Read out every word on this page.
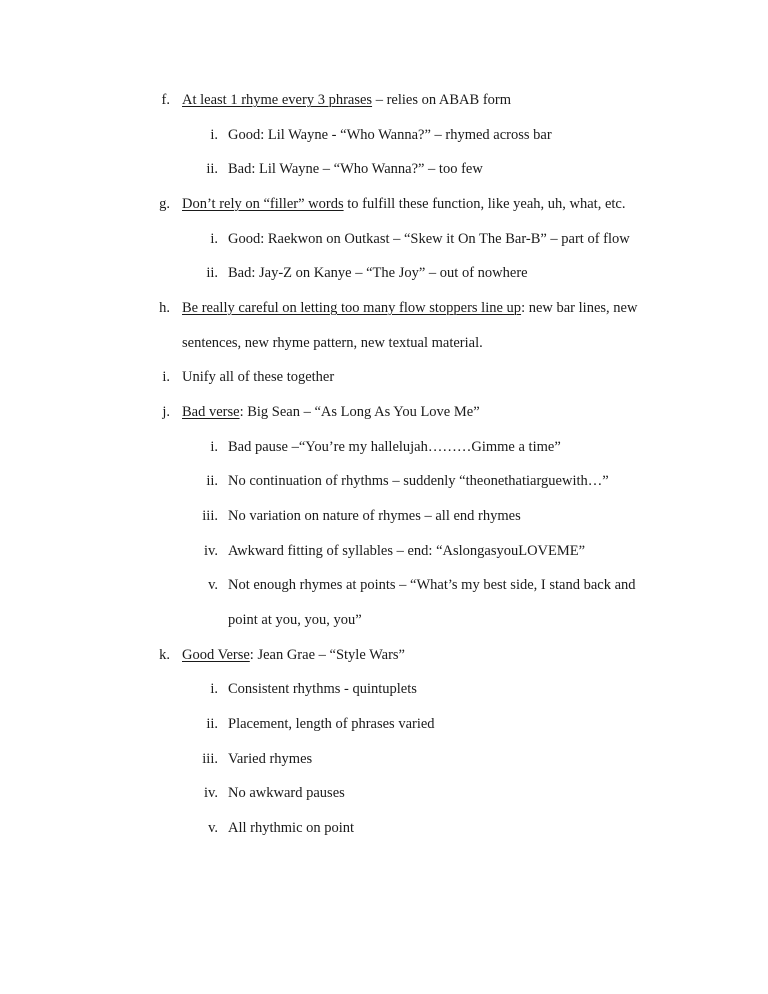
f. At least 1 rhyme every 3 phrases – relies on ABAB form
i. Good: Lil Wayne - “Who Wanna?” – rhymed across bar
ii. Bad: Lil Wayne – “Who Wanna?” – too few
g. Don’t rely on “filler” words to fulfill these function, like yeah, uh, what, etc.
i. Good: Raekwon on Outkast – “Skew it On The Bar-B” – part of flow
ii. Bad: Jay-Z on Kanye – “The Joy” – out of nowhere
h. Be really careful on letting too many flow stoppers line up: new bar lines, new
sentences, new rhyme pattern, new textual material.
i. Unify all of these together
j. Bad verse: Big Sean – “As Long As You Love Me”
i. Bad pause –“You’re my hallelujah………Gimme a time”
ii. No continuation of rhythms – suddenly “theonethatiarguewith…”
iii. No variation on nature of rhymes – all end rhymes
iv. Awkward fitting of syllables – end: “AslongasyouLOVEME”
v. Not enough rhymes at points – “What’s my best side, I stand back and
point at you, you, you”
k. Good Verse: Jean Grae – “Style Wars”
i. Consistent rhythms - quintuplets
ii. Placement, length of phrases varied
iii. Varied rhymes
iv. No awkward pauses
v. All rhythmic on point
